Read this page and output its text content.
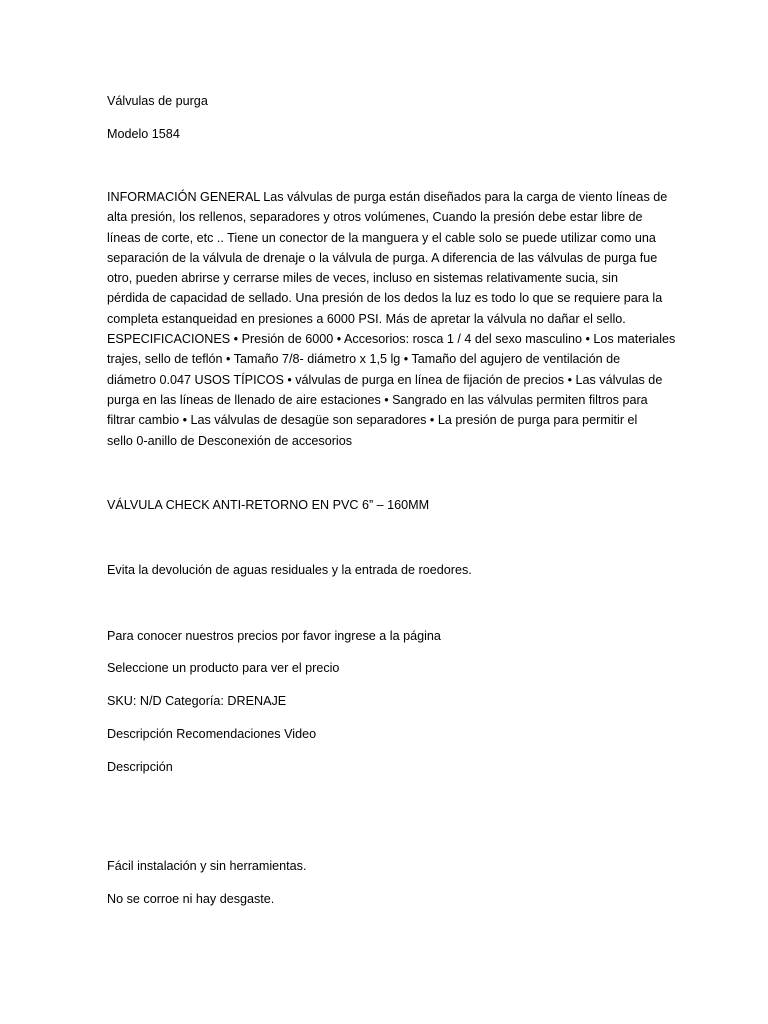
Válvulas de purga

Modelo 1584

INFORMACIÓN GENERAL Las válvulas de purga están diseñados para la carga de viento líneas de
alta presión, los rellenos, separadores y otros volúmenes, Cuando la presión debe estar libre de
líneas de corte, etc .. Tiene un conector de la manguera y el cable solo se puede utilizar como una
separación de la válvula de drenaje o la válvula de purga. A diferencia de las válvulas de purga fue
otro, pueden abrirse y cerrarse miles de veces, incluso en sistemas relativamente sucia, sin
pérdida de capacidad de sellado. Una presión de los dedos la luz es todo lo que se requiere para la
completa estanqueidad en presiones a 6000 PSI. Más de apretar la válvula no dañar el sello.
ESPECIFICACIONES • Presión de 6000 • Accesorios: rosca 1 / 4 del sexo masculino • Los materiales
trajes, sello de teflón • Tamaño 7/8- diámetro x 1,5 lg • Tamaño del agujero de ventilación de
diámetro 0.047 USOS TÍPICOS • válvulas de purga en línea de fijación de precios • Las válvulas de
purga en las líneas de llenado de aire estaciones • Sangrado en las válvulas permiten filtros para
filtrar cambio • Las válvulas de desagüe son separadores • La presión de purga para permitir el
sello 0-anillo de Desconexión de accesorios

VÁLVULA CHECK ANTI-RETORNO EN PVC 6” – 160MM

Evita la devolución de aguas residuales y la entrada de roedores.

Para conocer nuestros precios por favor ingrese a la página

Seleccione un producto para ver el precio

SKU: N/D Categoría: DRENAJE

Descripción Recomendaciones Video

Descripción

Fácil instalación y sin herramientas.

No se corroe ni hay desgaste.
